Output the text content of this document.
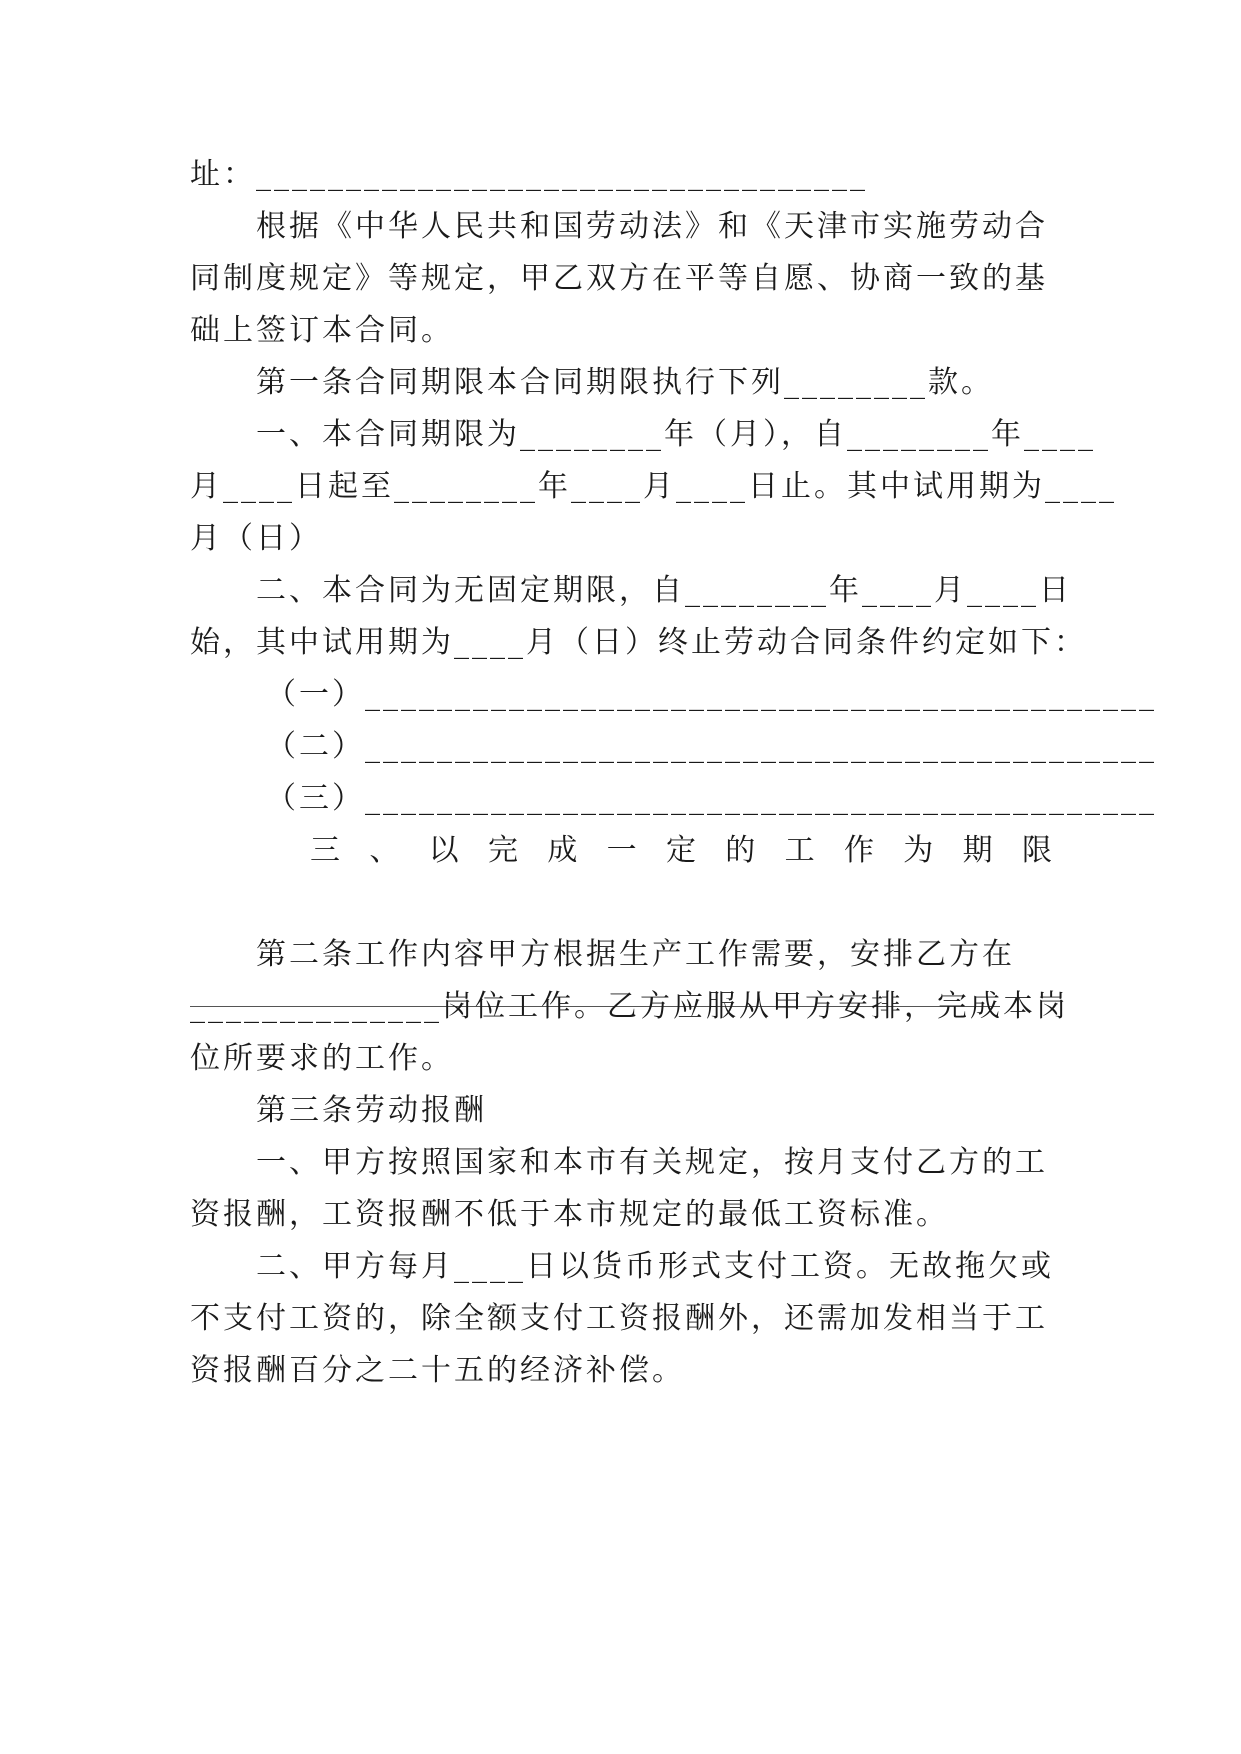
址：__________________________________
根据《中华人民共和国劳动法》和《天津市实施劳动合
同制度规定》等规定，甲乙双方在平等自愿、协商一致的基
础上签订本合同。
第一条合同期限本合同期限执行下列________款。
一、本合同期限为________年（月），自________年____
月____日起至________年____月____日止。其中试用期为____
月（日）
二、本合同为无固定期限，自________年____月____日
始，其中试用期为____月（日）终止劳动合同条件约定如下：
（一）____________________________________________
（二）____________________________________________
（三）____________________________________________
三 、 以 完 成 一 定 的 工 作 为 期 限
第二条工作内容甲方根据生产工作需要，安排乙方在
______________岗位工作。乙方应服从甲方安排，完成本岗
位所要求的工作。
第三条劳动报酬
一、甲方按照国家和本市有关规定，按月支付乙方的工
资报酬，工资报酬不低于本市规定的最低工资标准。
二、甲方每月____日以货币形式支付工资。无故拖欠或
不支付工资的，除全额支付工资报酬外，还需加发相当于工
资报酬百分之二十五的经济补偿。
